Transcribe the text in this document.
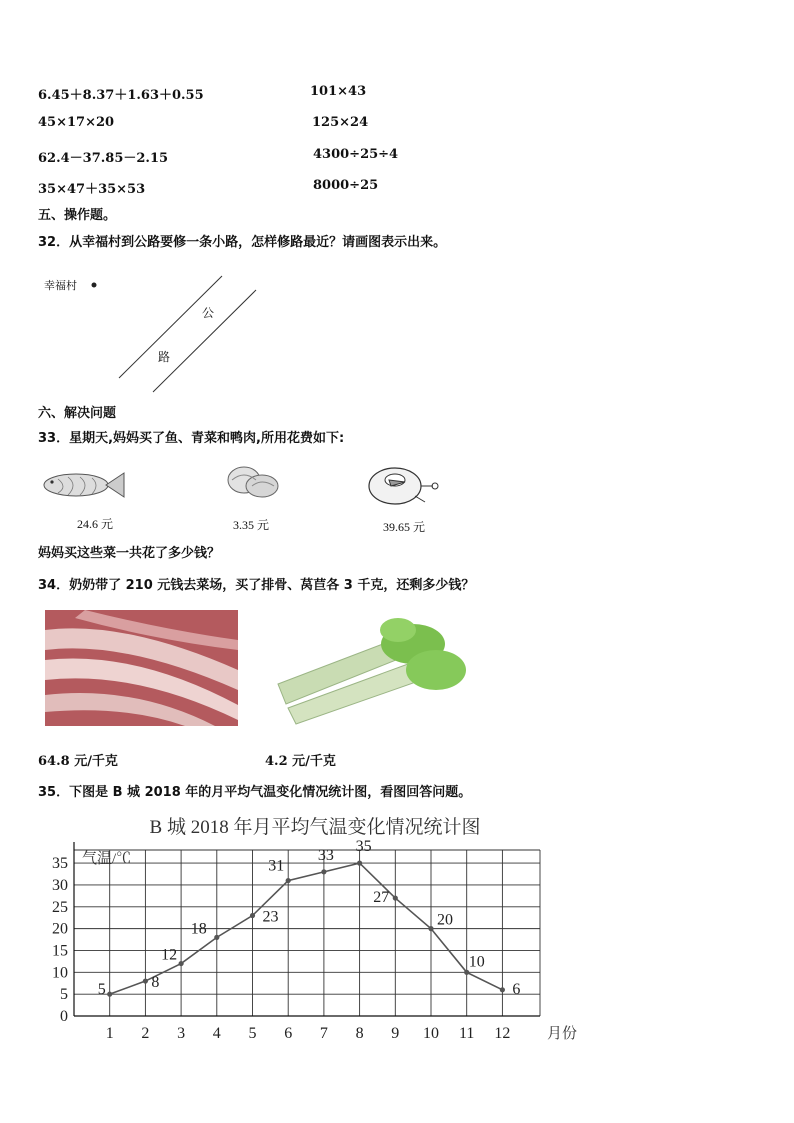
6.45＋8.37＋1.63＋0.55	101×43
45×17×20	125×24
62.4－37.85－2.15	4300÷25÷4
35×47＋35×53	8000÷25
五、操作题。
32．从幸福村到公路要修一条小路，怎样修路最近？请画图表示出来。
幸福村
公
路
六、解决问题
33．星期天,妈妈买了鱼、青菜和鸭肉,所用花费如下:
24.6 元	3.35 元	39.65 元
妈妈买这些菜一共花了多少钱？
34．奶奶带了 210 元钱去菜场，买了排骨、莴苣各 3 千克，还剩多少钱？
64.8 元/千克	4.2 元/千克
35．下图是 B 城 2018 年的月平均气温变化情况统计图，看图回答问题。
B 城 2018 年月平均气温变化情况统计图
0
5
10
15
20
25
30
35 气温/℃
1 2 3 4 5 6 7 8 9 10 11 12 月份
5	8
12
18
23
31
33
35
27
20
10
6
